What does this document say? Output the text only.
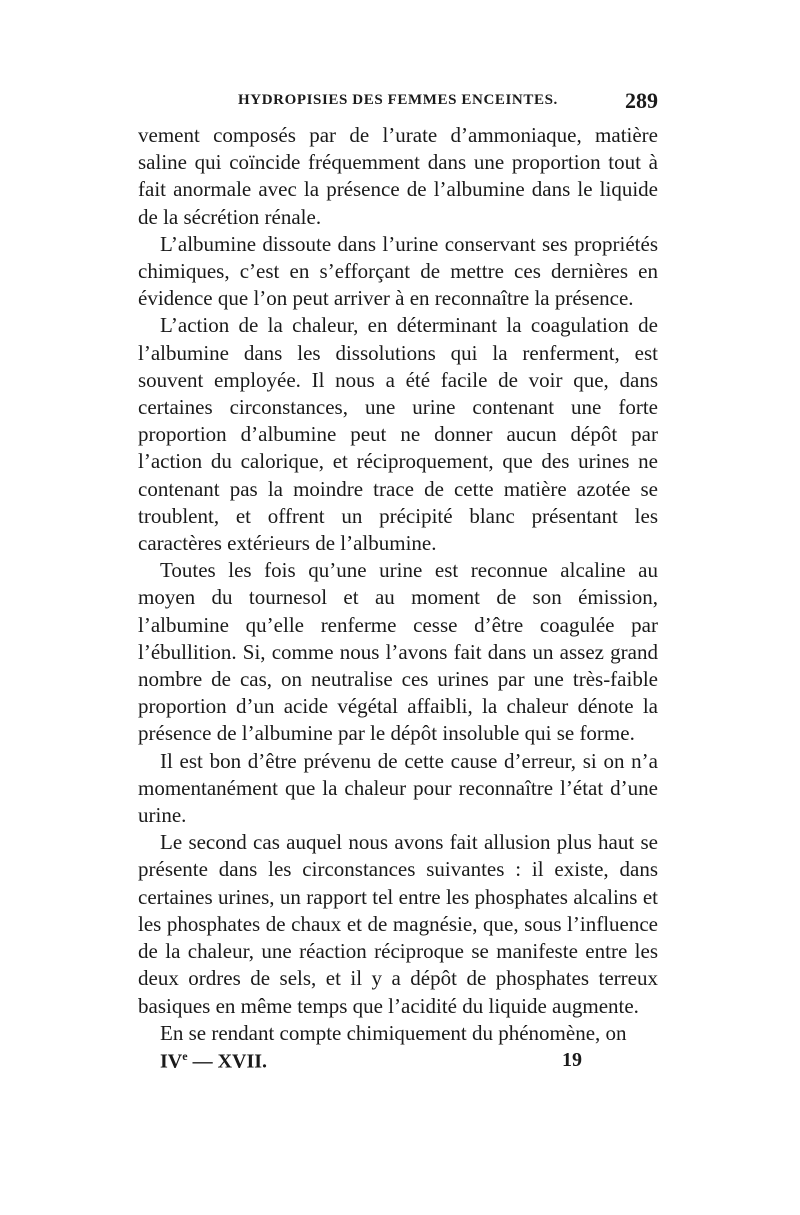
HYDROPISIES DES FEMMES ENCEINTES.	289

vement composés par de l’urate d’ammoniaque, matière saline qui coïncide fréquemment dans une proportion tout à fait anormale avec la présence de l’albumine dans le liquide de la sécrétion rénale.

L’albumine dissoute dans l’urine conservant ses propriétés chimiques, c’est en s’efforçant de mettre ces dernières en évidence que l’on peut arriver à en reconnaître la présence.

L’action de la chaleur, en déterminant la coagulation de l’albumine dans les dissolutions qui la renferment, est souvent employée. Il nous a été facile de voir que, dans certaines circonstances, une urine contenant une forte proportion d’albumine peut ne donner aucun dépôt par l’action du calorique, et réciproquement, que des urines ne contenant pas la moindre trace de cette matière azotée se troublent, et offrent un précipité blanc présentant les caractères extérieurs de l’albumine.

Toutes les fois qu’une urine est reconnue alcaline au moyen du tournesol et au moment de son émission, l’albumine qu’elle renferme cesse d’être coagulée par l’ébullition. Si, comme nous l’avons fait dans un assez grand nombre de cas, on neutralise ces urines par une très-faible proportion d’un acide végétal affaibli, la chaleur dénote la présence de l’albumine par le dépôt insoluble qui se forme.

Il est bon d’être prévenu de cette cause d’erreur, si on n’a momentanément que la chaleur pour reconnaître l’état d’une urine.

Le second cas auquel nous avons fait allusion plus haut se présente dans les circonstances suivantes : il existe, dans certaines urines, un rapport tel entre les phosphates alcalins et les phosphates de chaux et de magnésie, que, sous l’influence de la chaleur, une réaction réciproque se manifeste entre les deux ordres de sels, et il y a dépôt de phosphates terreux basiques en même temps que l’acidité du liquide augmente.

En se rendant compte chimiquement du phénomène, on

IVe — XVII.	19
